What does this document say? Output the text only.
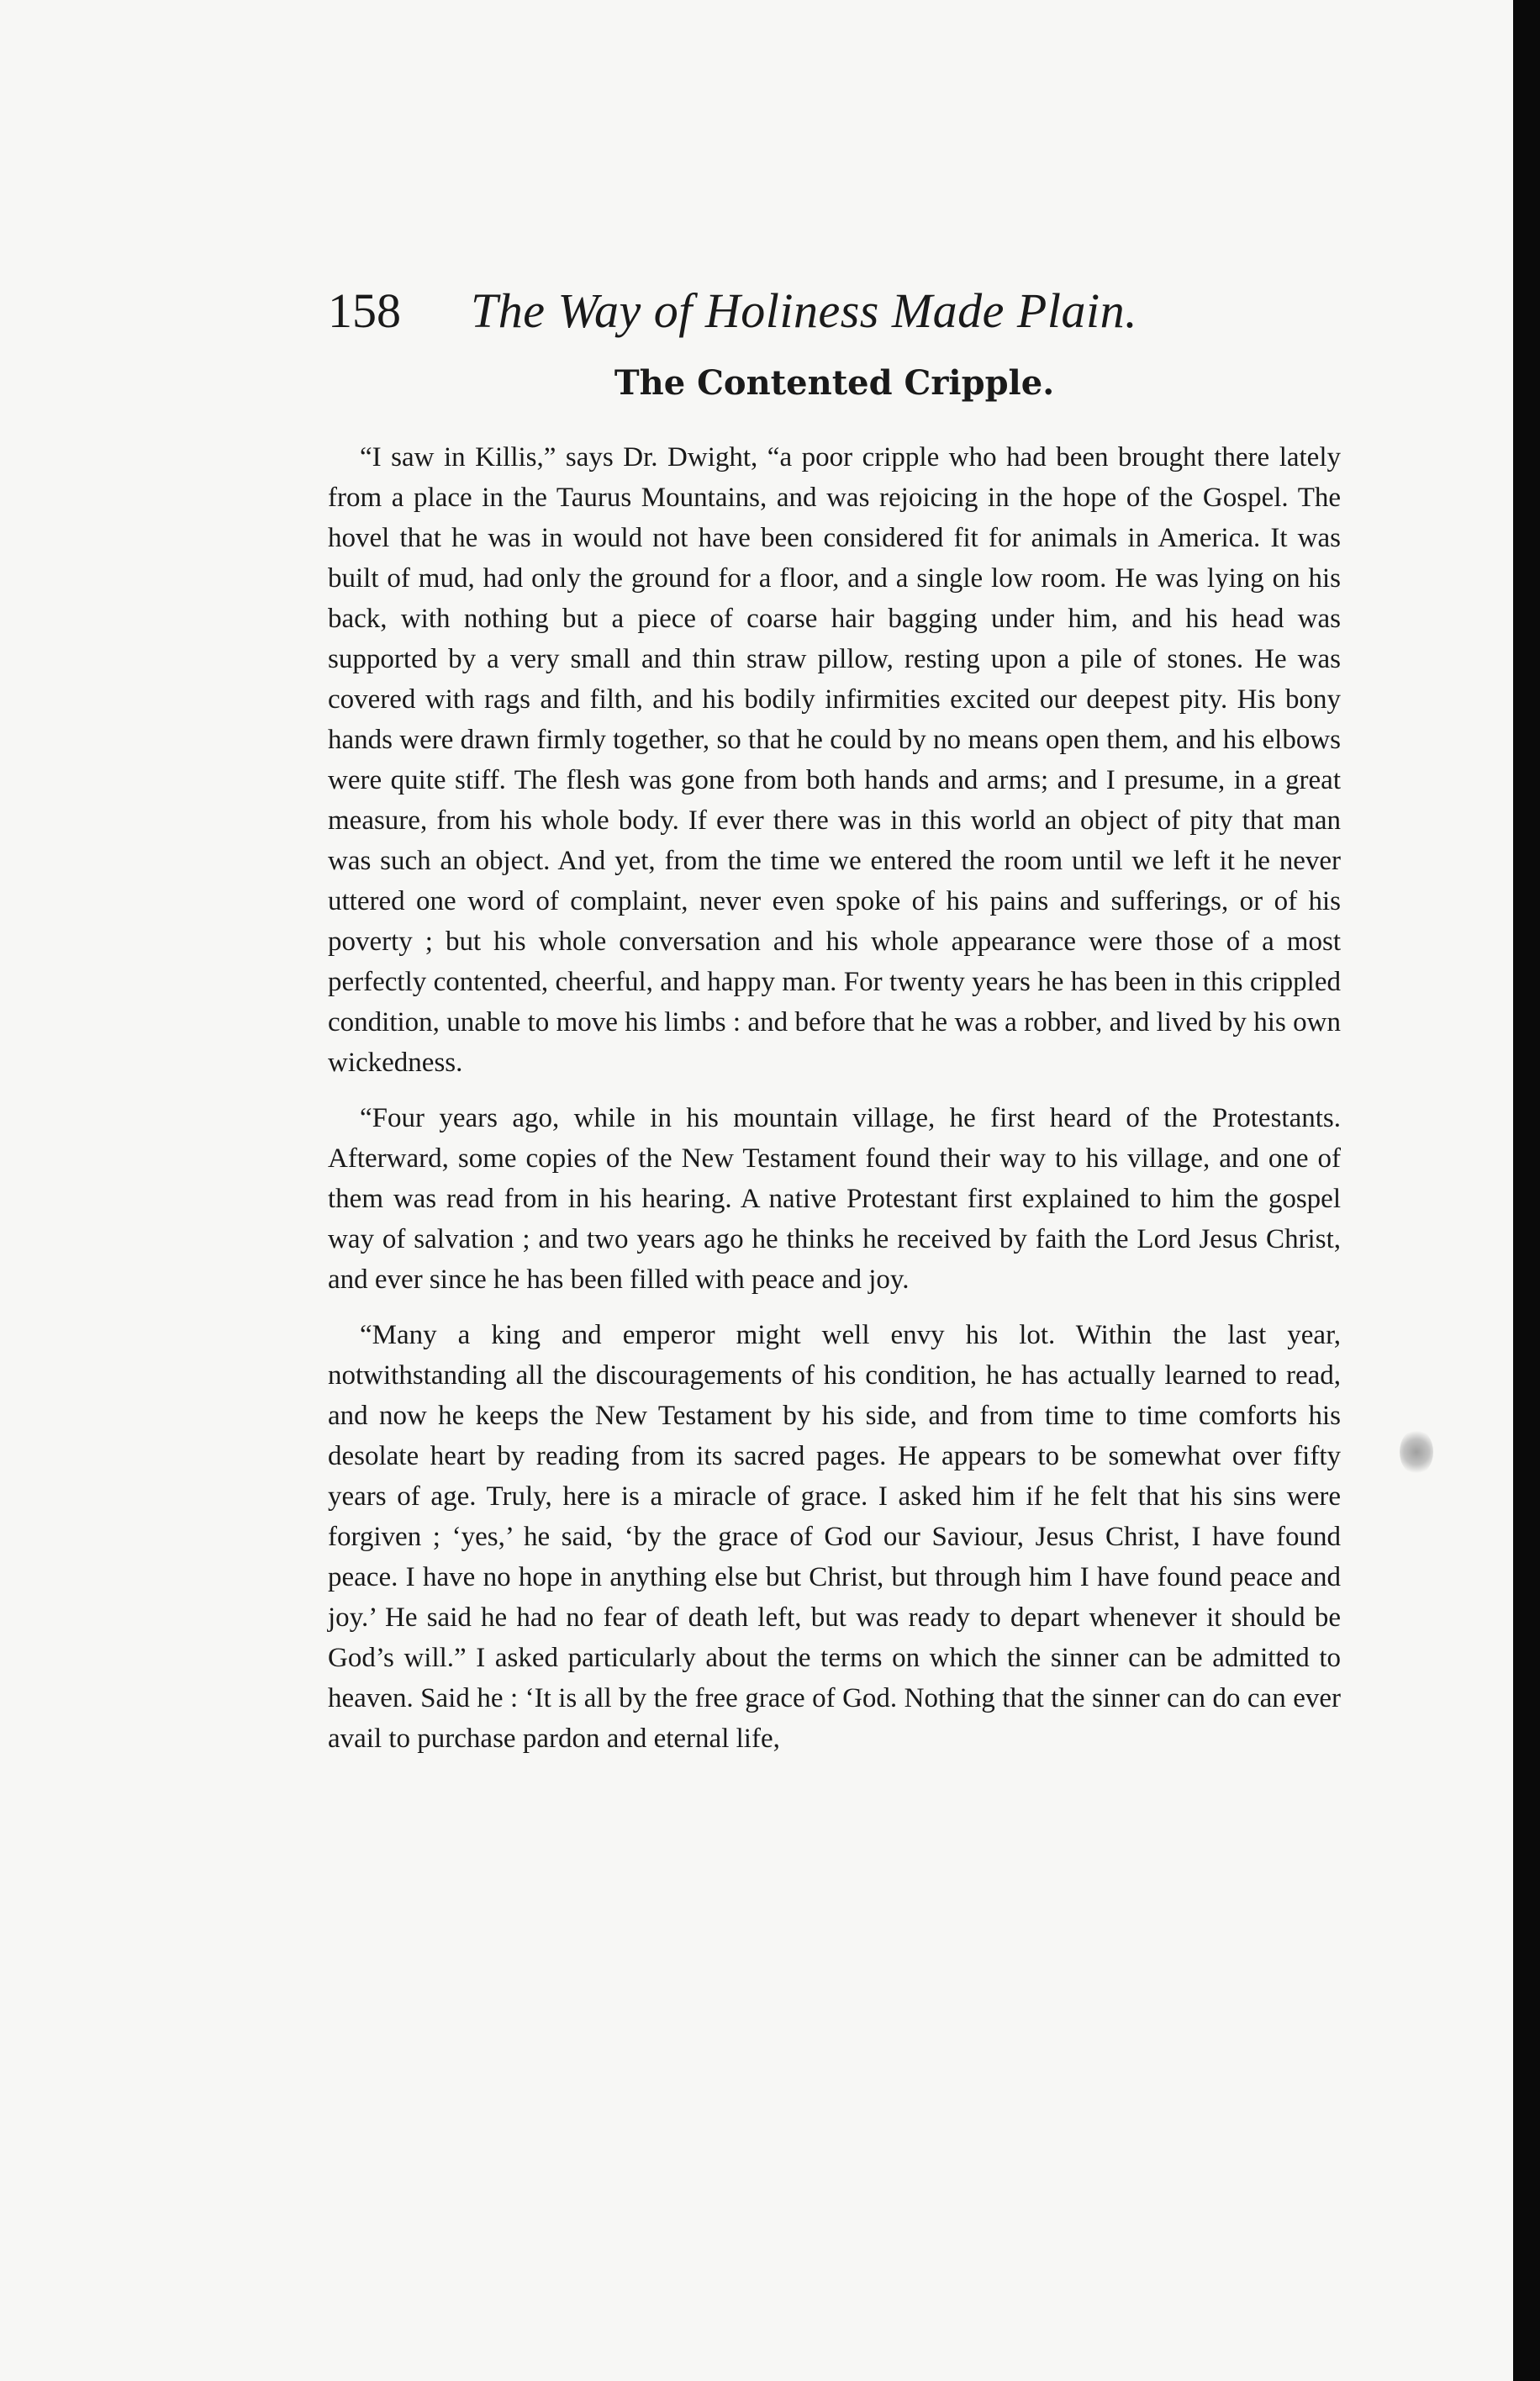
158 The Way of Holiness Made Plain.
The Contented Cripple.

“I saw in Killis,” says Dr. Dwight, “a poor cripple who had been brought there lately from a place in the Taurus Mountains, and was rejoicing in the hope of the Gospel. The hovel that he was in would not have been considered fit for animals in America. It was built of mud, had only the ground for a floor, and a single low room. He was lying on his back, with nothing but a piece of coarse hair bagging under him, and his head was supported by a very small and thin straw pillow, resting upon a pile of stones. He was covered with rags and filth, and his bodily infirmities excited our deepest pity. His bony hands were drawn firmly together, so that he could by no means open them, and his elbows were quite stiff. The flesh was gone from both hands and arms; and I presume, in a great measure, from his whole body. If ever there was in this world an object of pity that man was such an object. And yet, from the time we entered the room until we left it he never uttered one word of complaint, never even spoke of his pains and sufferings, or of his poverty ; but his whole conversation and his whole appearance were those of a most perfectly contented, cheerful, and happy man. For twenty years he has been in this crippled condition, unable to move his limbs : and before that he was a robber, and lived by his own wickedness.

“Four years ago, while in his mountain village, he first heard of the Protestants. Afterward, some copies of the New Testament found their way to his village, and one of them was read from in his hearing. A native Protestant first explained to him the gospel way of salvation ; and two years ago he thinks he received by faith the Lord Jesus Christ, and ever since he has been filled with peace and joy.

“Many a king and emperor might well envy his lot. Within the last year, notwithstanding all the discouragements of his condition, he has actually learned to read, and now he keeps the New Testament by his side, and from time to time comforts his desolate heart by reading from its sacred pages. He appears to be somewhat over fifty years of age. Truly, here is a miracle of grace. I asked him if he felt that his sins were forgiven ; ‘yes,’ he said, ‘by the grace of God our Saviour, Jesus Christ, I have found peace. I have no hope in anything else but Christ, but through him I have found peace and joy.’ He said he had no fear of death left, but was ready to depart whenever it should be God’s will.” I asked particularly about the terms on which the sinner can be admitted to heaven. Said he : ‘It is all by the free grace of God. Nothing that the sinner can do can ever avail to purchase pardon and eternal life,
